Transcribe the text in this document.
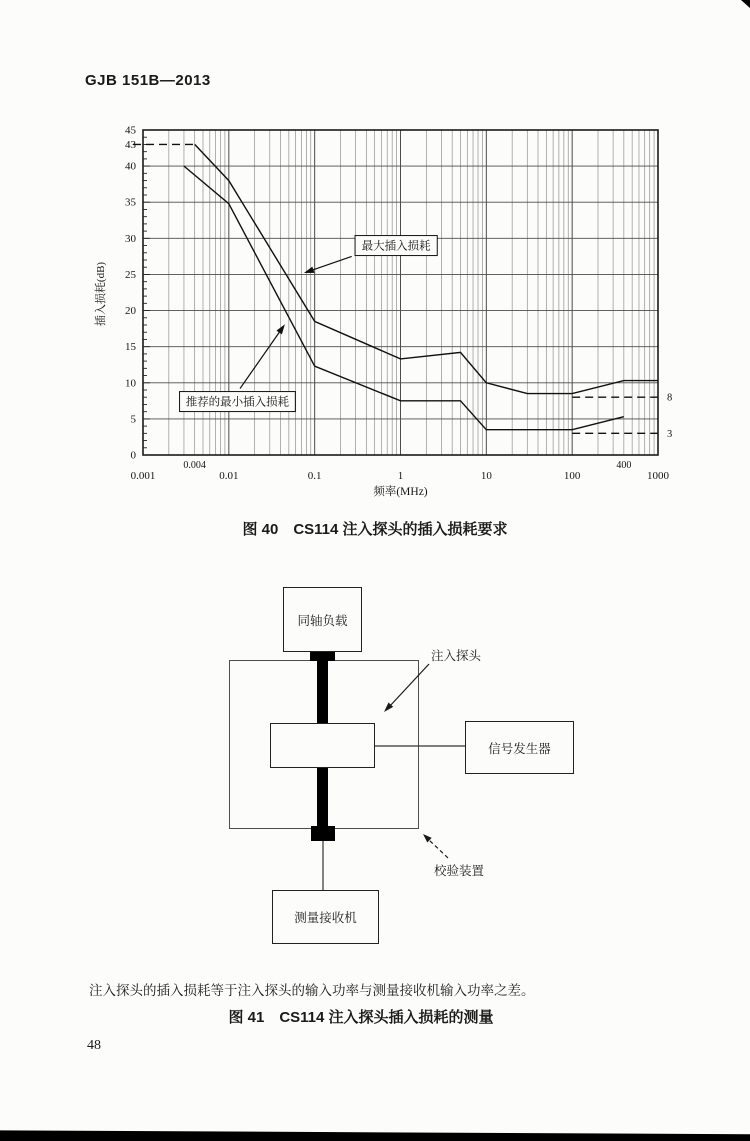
GJB 151B—2013
0
5
10
15
20
25
30
35
40
45
43
0.001
0.004
0.01	0.1	1	10	100
400
1000
插入损耗(dB)
频率(MHz)
8
3
最大插入损耗
推荐的最小插入损耗
图 40　CS114 注入探头的插入损耗要求
同轴负载
信号发生器
测量接收机
注入探头
校验装置
注入探头的插入损耗等于注入探头的输入功率与测量接收机输入功率之差。
图 41　CS114 注入探头插入损耗的测量
48
